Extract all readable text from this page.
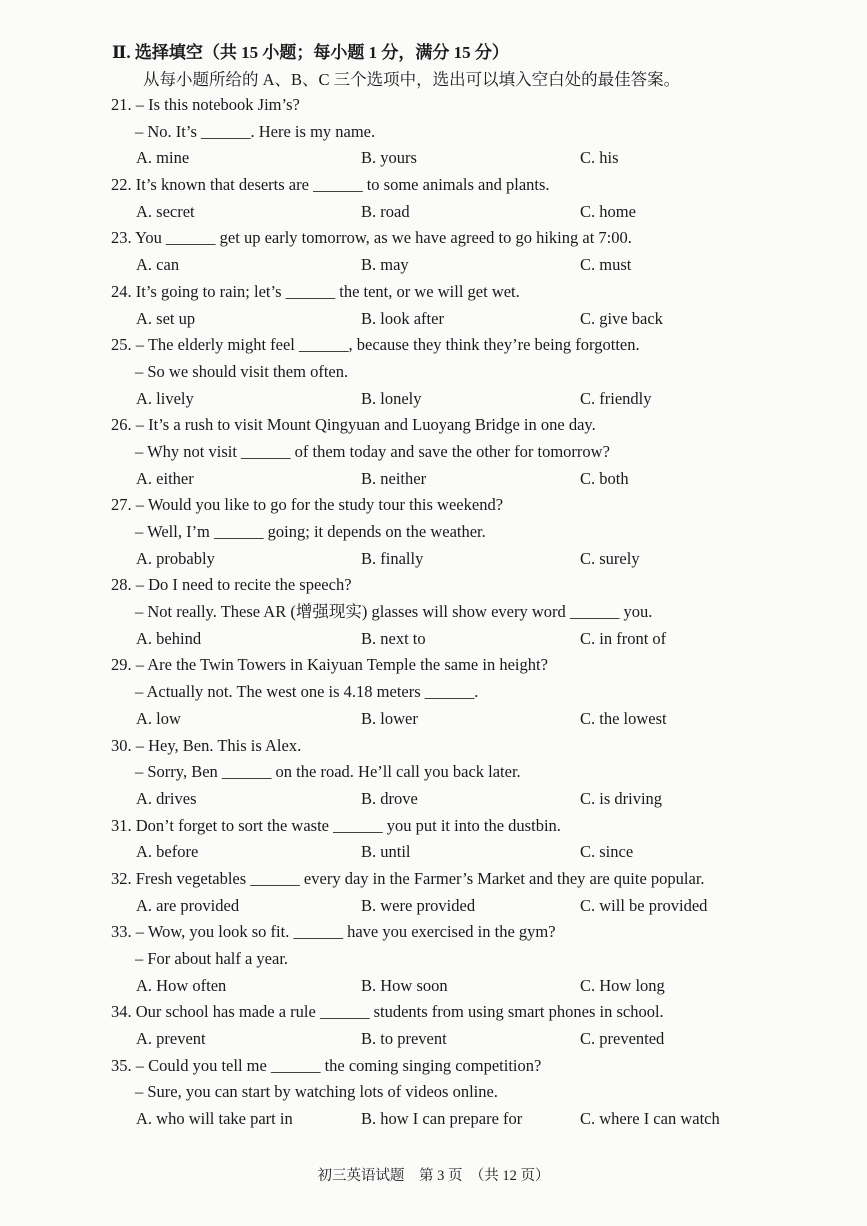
Ⅱ. 选择填空（共 15 小题；每小题 1 分，满分 15 分）
从每小题所给的 A、B、C 三个选项中，选出可以填入空白处的最佳答案。
21. – Is this notebook Jim’s?
– No. It’s ______. Here is my name.
A. mine	B. yours	C. his
22. It’s known that deserts are ______ to some animals and plants.
A. secret	B. road	C. home
23. You ______ get up early tomorrow, as we have agreed to go hiking at 7:00.
A. can	B. may	C. must
24. It’s going to rain; let’s ______ the tent, or we will get wet.
A. set up	B. look after	C. give back
25. – The elderly might feel ______, because they think they’re being forgotten.
– So we should visit them often.
A. lively	B. lonely	C. friendly
26. – It’s a rush to visit Mount Qingyuan and Luoyang Bridge in one day.
– Why not visit ______ of them today and save the other for tomorrow?
A. either	B. neither	C. both
27. – Would you like to go for the study tour this weekend?
– Well, I’m ______ going; it depends on the weather.
A. probably	B. finally	C. surely
28. – Do I need to recite the speech?
– Not really. These AR (增强现实) glasses will show every word ______ you.
A. behind	B. next to	C. in front of
29. – Are the Twin Towers in Kaiyuan Temple the same in height?
– Actually not. The west one is 4.18 meters ______.
A. low	B. lower	C. the lowest
30. – Hey, Ben. This is Alex.
– Sorry, Ben ______ on the road. He’ll call you back later.
A. drives	B. drove	C. is driving
31. Don’t forget to sort the waste ______ you put it into the dustbin.
A. before	B. until	C. since
32. Fresh vegetables ______ every day in the Farmer’s Market and they are quite popular.
A. are provided	B. were provided	C. will be provided
33. – Wow, you look so fit. ______ have you exercised in the gym?
– For about half a year.
A. How often	B. How soon	C. How long
34. Our school has made a rule ______ students from using smart phones in school.
A. prevent	B. to prevent	C. prevented
35. – Could you tell me ______ the coming singing competition?
– Sure, you can start by watching lots of videos online.
A. who will take part in	B. how I can prepare for	C. where I can watch
初三英语试题　第 3 页　（共 12 页）
